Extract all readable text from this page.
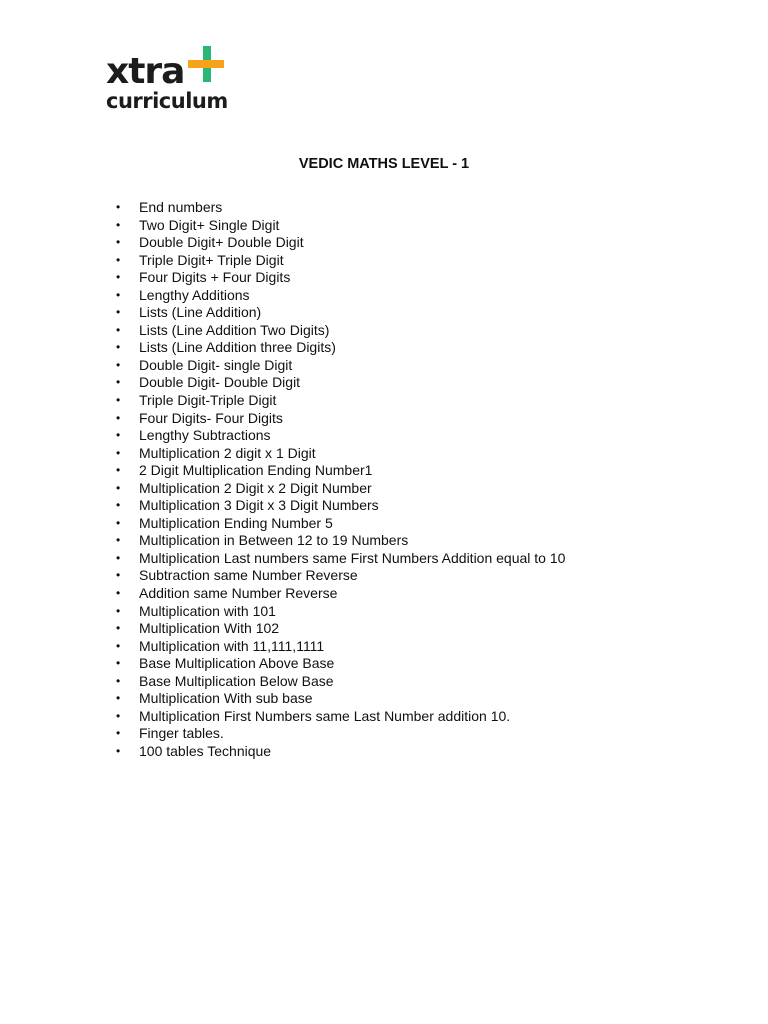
xtra
curriculum
VEDIC MATHS LEVEL - 1
• End numbers
• Two Digit+ Single Digit
• Double Digit+ Double Digit
• Triple Digit+ Triple Digit
• Four Digits + Four Digits
• Lengthy Additions
• Lists (Line Addition)
• Lists (Line Addition Two Digits)
• Lists (Line Addition three Digits)
• Double Digit- single Digit
• Double Digit- Double Digit
• Triple Digit-Triple Digit
• Four Digits- Four Digits
• Lengthy Subtractions
• Multiplication 2 digit x 1 Digit
• 2 Digit Multiplication Ending Number1
• Multiplication 2 Digit x 2 Digit Number
• Multiplication 3 Digit x 3 Digit Numbers
• Multiplication Ending Number 5
• Multiplication in Between 12 to 19 Numbers
• Multiplication Last numbers same First Numbers Addition equal to 10
• Subtraction same Number Reverse
• Addition same Number Reverse
• Multiplication with 101
• Multiplication With 102
• Multiplication with 11,111,1111
• Base Multiplication Above Base
• Base Multiplication Below Base
• Multiplication With sub base
• Multiplication First Numbers same Last Number addition 10.
• Finger tables.
• 100 tables Technique
